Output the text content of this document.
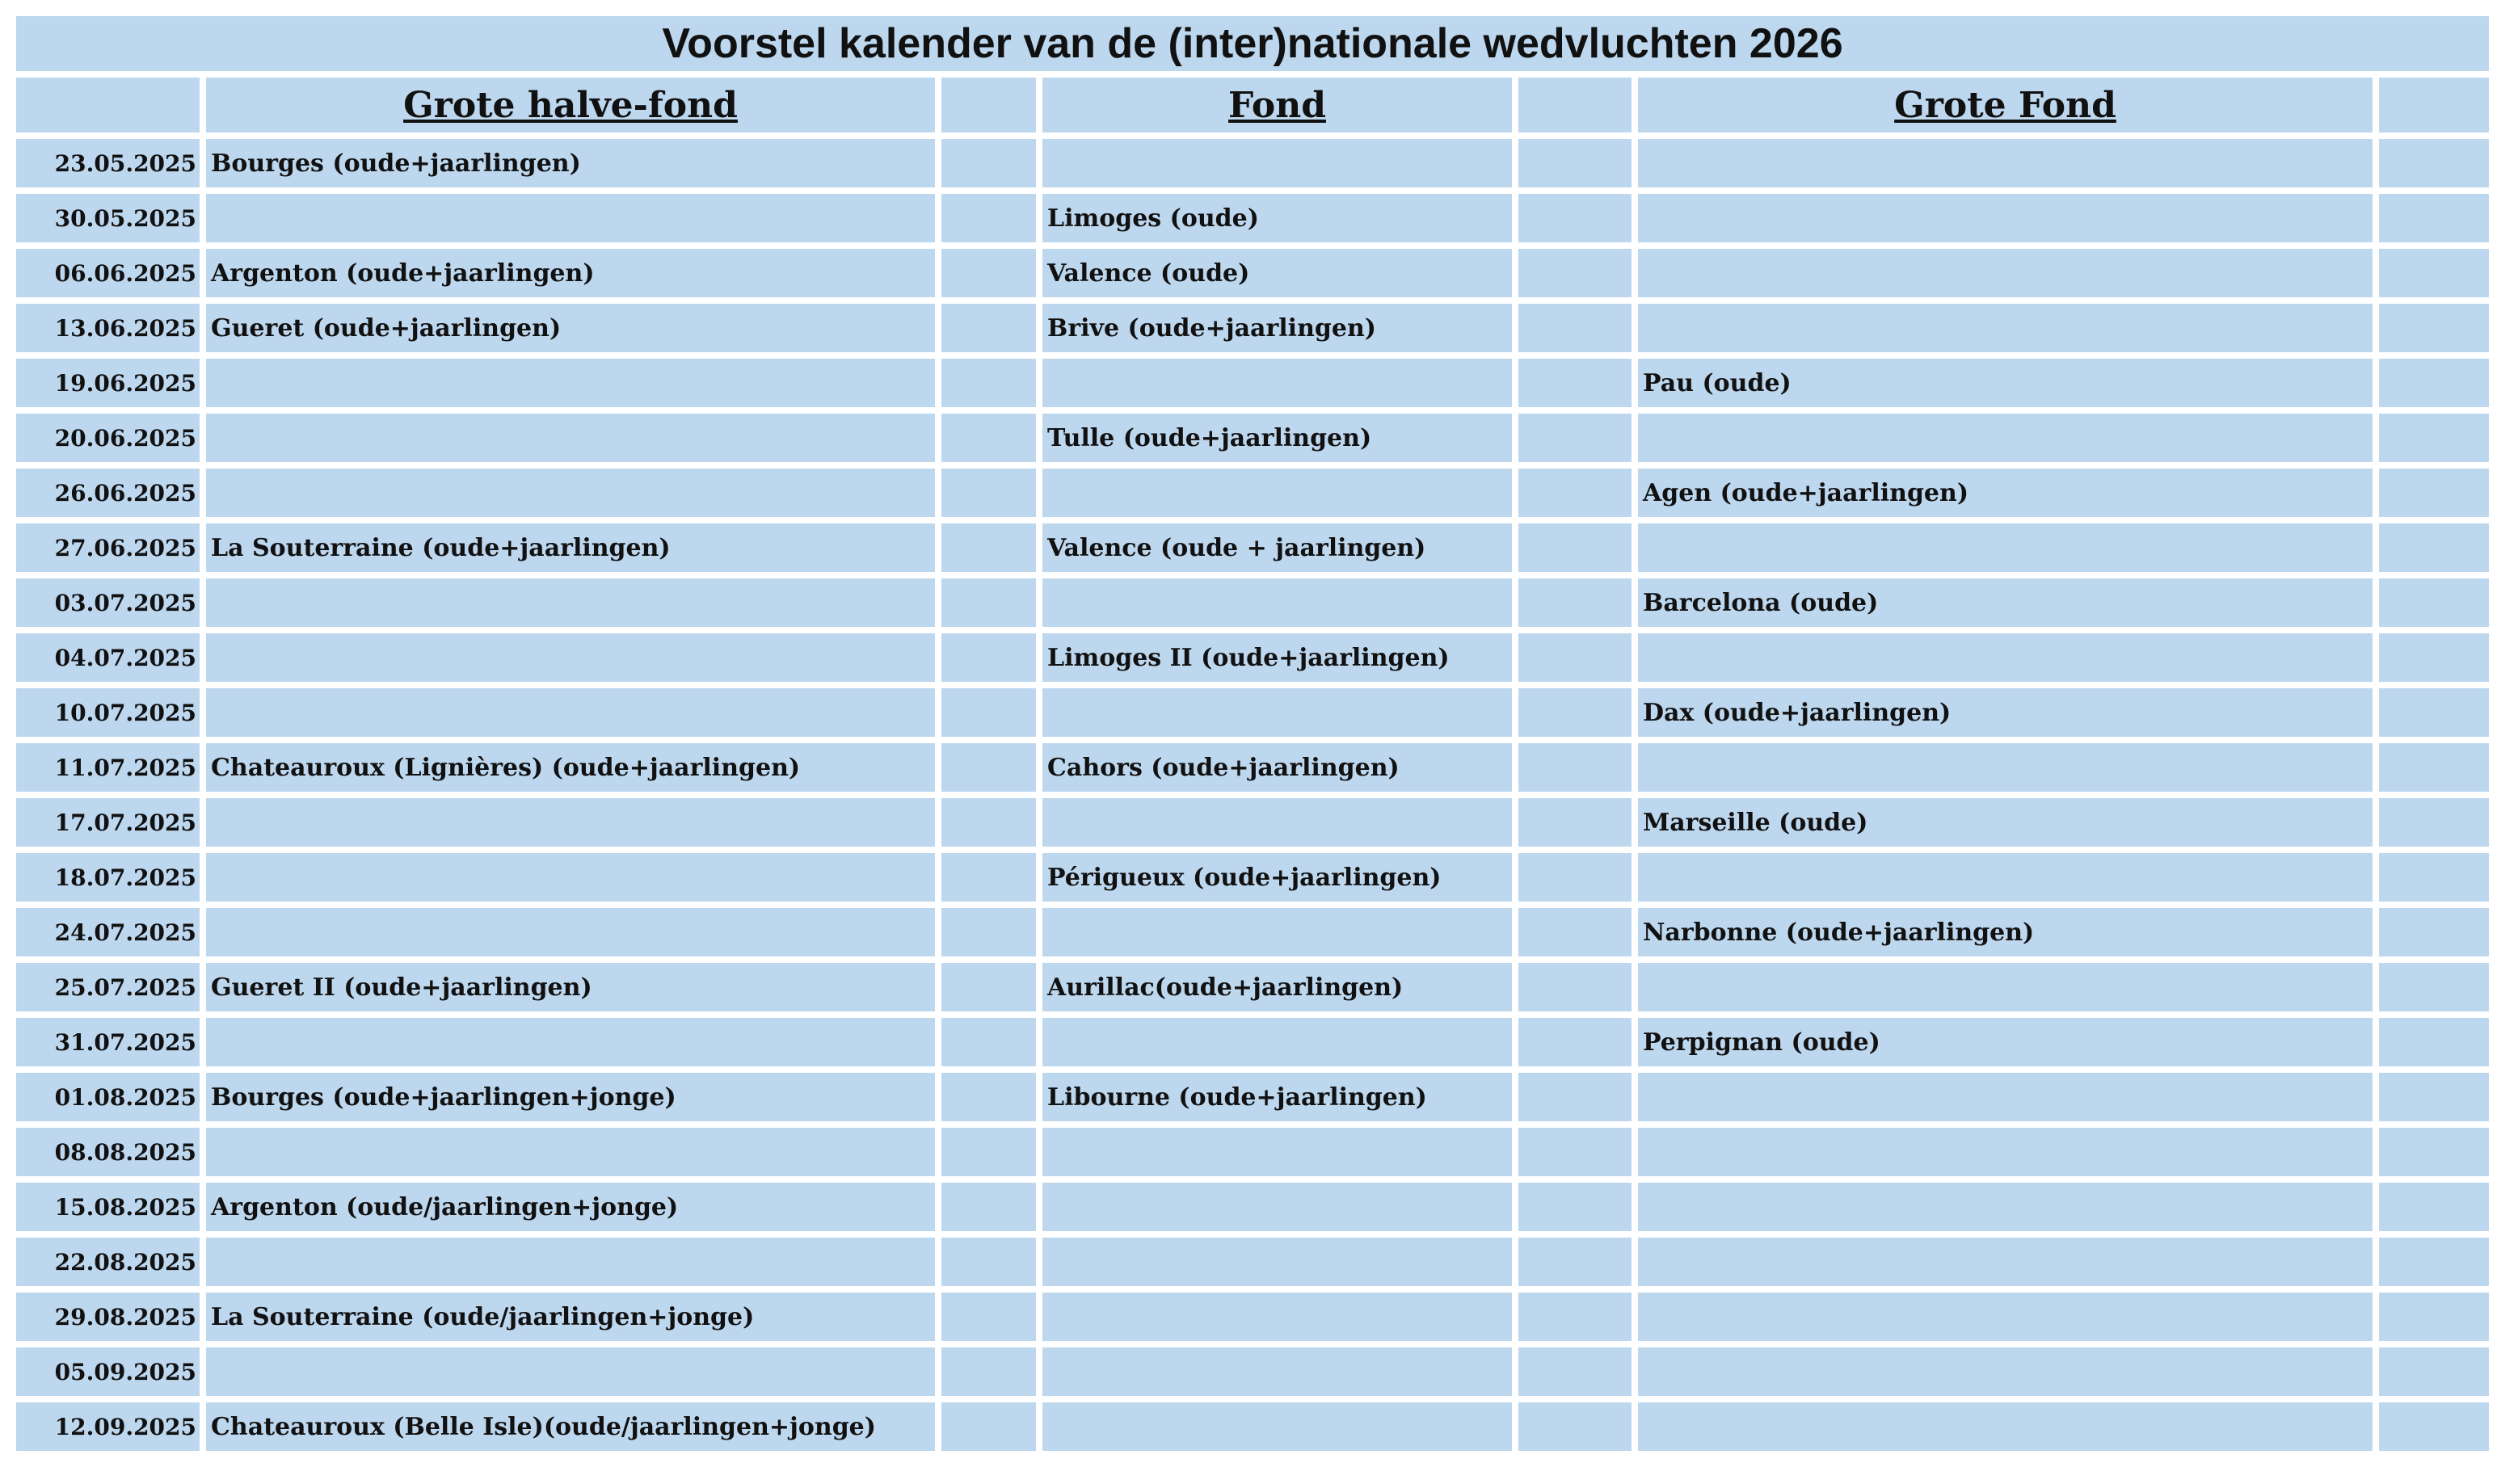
Voorstel kalender van de (inter)nationale wedvluchten 2026
	Grote halve-fond		Fond		Grote Fond	
23.05.2025	Bourges (oude+jaarlingen)					
30.05.2025			Limoges (oude)			
06.06.2025	Argenton (oude+jaarlingen)		Valence (oude)			
13.06.2025	Gueret (oude+jaarlingen)		Brive (oude+jaarlingen)			
19.06.2025					Pau (oude)	
20.06.2025			Tulle (oude+jaarlingen)			
26.06.2025					Agen (oude+jaarlingen)	
27.06.2025	La Souterraine (oude+jaarlingen)		Valence (oude + jaarlingen)			
03.07.2025					Barcelona (oude)	
04.07.2025			Limoges II (oude+jaarlingen)			
10.07.2025					Dax (oude+jaarlingen)	
11.07.2025	Chateauroux (Lignières) (oude+jaarlingen)		Cahors (oude+jaarlingen)			
17.07.2025					Marseille (oude)	
18.07.2025			Périgueux (oude+jaarlingen)			
24.07.2025					Narbonne (oude+jaarlingen)	
25.07.2025	Gueret II (oude+jaarlingen)		Aurillac(oude+jaarlingen)			
31.07.2025					Perpignan (oude)	
01.08.2025	Bourges (oude+jaarlingen+jonge)		Libourne (oude+jaarlingen)			
08.08.2025						
15.08.2025	Argenton (oude/jaarlingen+jonge)					
22.08.2025						
29.08.2025	La Souterraine (oude/jaarlingen+jonge)					
05.09.2025						
12.09.2025	Chateauroux (Belle Isle)(oude/jaarlingen+jonge)					
